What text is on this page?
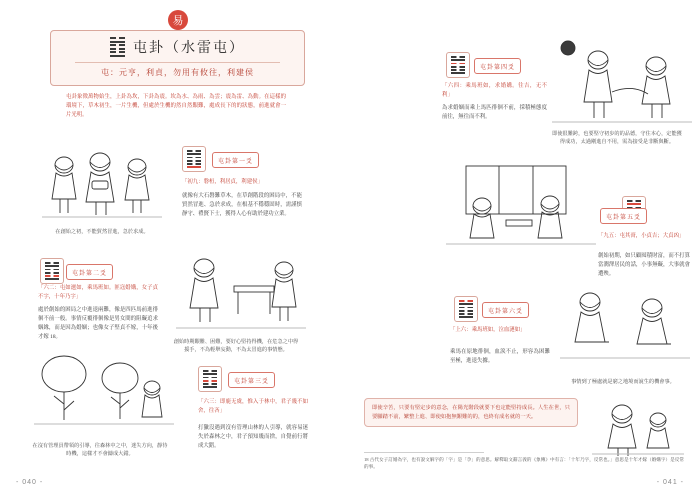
易
屯卦（水雷屯）
屯：元亨，利貞，勿用有攸往，利建侯
屯卦象徵萬物始生，上卦為坎，下卦為震。坎為水、為雨、為雲；震為雷、為動。在這樣的環境下，草木初生，一片生機，但處於生機的然自然艱難，處成長下的的狀態，前進就會一片光明。
在創始之初，不能貿然冒進，急於求成。
屯卦第一爻
「初九：磐桓，利居貞，利建侯」
就像有大石磐難草木，在草創階段的困局中，不能貿然冒進、急於求成，在根基不穩穩固時，需謹慎靜守、禮賢下士，獲得人心有助於建功立業。
屯卦第二爻
「六二：屯如邅如，乘馬班如。匪寇婚媾，女子貞不字，十年乃字」
處於創始的困局之中進退兩難，像是四匹馬前進徘徊不前一般。事情反覆徘徊像是男女間的阻礙追求姻緣，而是因為婚姻；也像女子堅貞不嫁，十年後才嫁 18。
創始時期艱難、困難，要好心堅持得機，在危急之中得援手，不為輕舉妄動，不為太冒進的事情態。
屯卦第三爻
「六三：即鹿无虞，惟入于林中，君子幾不如舍，往吝」
打獵沒遇到沒有管理山林的人引導，就容易迷失於森林之中，君子預知幾而捨，自覺前行將成大錯。
在沒有管理員帶領的引導，往森林中之中，迷失方向，靜待時機，這樣才不會鑄成大錯。
- 040 -
屯卦第四爻
「六四：乘馬班如，求婚媾。往吉，无不利」
為求婚姻而乘上馬匹徘徊不前，採積極態度前往，無往而不利。
即使很難跨，也要堅守初步的的品德，守住本心，定能獲得成功，太過剛進自不用，需為接受是非斷與斷。
屯卦第五爻
「九五：屯其膏，小貞吉；大貞凶」
創始初期，如只顧囤積財富，而不打算當潤澤居民的話，小事無礙，大事就會遭殃。
屯卦第六爻
「上六：乘馬班如，泣血漣如」
乘馬在原地徘徊，血淚不止，形容為困難至極，進退失據。
事情到了極處就是窮之地境而說生的機會事。
即使辛苦，只要有堅定步的意念，在陽光階段就要下也定能堅持成長。人生在世，只要腳踏不前，繁整上進、即使如抱無艱難的的，也終有成名就的一天。
18 古代女子訂婚為字，也有說文解字的「字」是「孕」的意思。解釋取文辭言義的《象傳》中有言：「十年乃字，反常也。」意思是十年才嫁（婚媾字）是反常的事。
- 041 -
